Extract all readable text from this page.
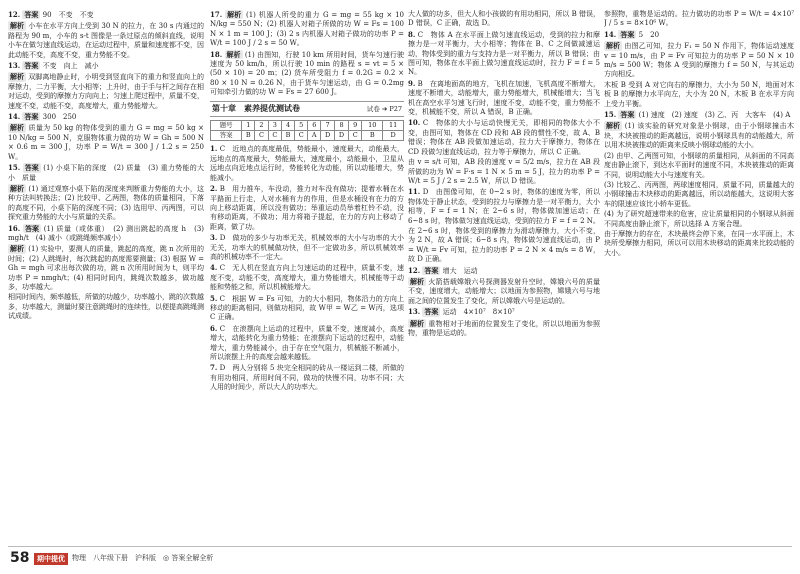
12. 答案 90　不变　不变

解析 小车在水平方向上受到 30 N 的拉力，在 30 s 内通过的路程为 90 m，小车的 s-t 图像是一条过原点的倾斜直线，说明小车在做匀速直线运动，在运动过程中，质量和速度都不变，因此动能不变，高度不变，重力势能不变。

13. 答案 不变　向上　减小

解析 双脚离地静止时，小明受到竖直向下的重力和竖直向上的摩擦力，二力平衡，大小相等；上升时，由于手与杆之间存在相对运动，受到的摩擦力方向向上；匀速上爬过程中，质量不变，速度不变，动能不变，高度增大，重力势能增大。

14. 答案 300　250

解析 质量为 50 kg 的物体受到的重力 G = mg = 50 kg × 10 N/kg = 500 N，克服物体重力做的功 W = Gh = 500 N × 0.6 m = 300 J，功率 P = W/t = 300 J / 1.2 s = 250 W。

15. 答案 (1) 小桌下陷的深度　(2) 质量　(3) 重力势能的大小　质量

解析 (1) 通过观察小桌下陷的深度来判断重力势能的大小，这种方法叫转换法；(2) 比较甲、乙两图，物体的质量相同，下落的高度不同，小桌下陷的深度不同；(3) 选用甲、丙两图，可以探究重力势能的大小与质量的关系。

16. 答案 (1) 质量（或体重）　(2) 测出跳起的高度 h　(3) mgh/t　(4) 减小（或跳绳频率减小）

解析 (1) 实验中，要测人的质量，跳起的高度，跳 n 次所用的时间；(2) 人跳绳时，每次跳起的高度需要测量；(3) 根据 W = Gh = mgh 可求出每次做的功，跳 n 次所用时间为 t，则平均功率 P = nmgh/t；(4) 相同时间内，跳绳次数越多，做功越多，功率越大。

相同时间内，频率越低，所做的功越少，功率越小，跳的次数越多，功率越大，测量时要注意跳绳时的连续性，以便提高跳绳测试成绩。

17. 解析 (1) 机器人所受的重力 G = mg = 55 kg × 10 N/kg = 550 N；(2) 机器人对箱子所做的功 W = Fs = 100 N × 1 m = 100 J；(3) 2 s 内机器人对箱子做功的功率 P = W/t = 100 J / 2 s = 50 W。

18. 解析 (1) 由图知，行驶 10 km 所用时间，货车匀速行驶速度为 50 km/h，所以行驶 10 min 的路程 s = vt = 5 × (50 × 10) = 20 m；(2) 货车所受阻力 f = 0.2G = 0.2 × 80 × 10 N = 0.26 N，由于货车匀速运动，由 G = 0.2mg 可知牵引力做的功 W = Fs = 27 600 J。

第十章　素养提优测试卷	试卷 ➔ P27
题号	1	2	3	4	5	6	7	8	9	10	11
答案	B	C	C	B	C	A	D	D	C	B	D

1. C　近地点的高度最低，势能最小，速度最大，动能最大，远地点的高度最大，势能最大，速度最小，动能最小，卫星从远地点向近地点运行时，势能转化为动能，所以动能增大，势能减小。

2. B　用力推车，车没动，推力对车没有做功；提着水桶在水平路面上行走，人对水桶有力的作用，但是水桶没有在力的方向上移动距离，所以没有做功；举重运动员举着杠铃不动，没有移动距离，不做功；用力将箱子提起，在力的方向上移动了距离，做了功。

3. D　做功的多少与功率无关，机械效率的大小与功率的大小无关，功率大的机械做功快，但不一定做功多，所以机械效率高的机械功率不一定大。

4. C　无人机在竖直方向上匀速运动的过程中，质量不变，速度不变，动能不变，高度增大，重力势能增大，机械能等于动能和势能之和，所以机械能增大。

5. C　根据 W = Fs 可知，力的大小相同，物体沿力的方向上移动的距离相同，则做功相同，故 W甲 = W乙 = W丙，选项 C 正确。

6. C　在滚摆向上运动的过程中，质量不变，速度减小，高度增大，动能转化为重力势能；在滚摆向下运动的过程中，动能增大，重力势能减小，由于存在空气阻力，机械能不断减小，所以滚摆上升的高度会越来越低。

7. D　两人分别将 5 块完全相同的砖从一楼运到二楼，所做的有用功相同，所用时间不同，做功的快慢不同，功率不同；大人用的时间少，所以大人的功率大。

大人做的功多，但大人和小孩做的有用功相同，所以 B 错误，D 错误，C 正确，故选 D。

8. C　物体 A 在水平面上做匀速直线运动，受到的拉力和摩擦力是一对平衡力，大小相等；物体在 B、C 之间做减速运动，物体受到的重力与支持力是一对平衡力，所以 B 错误；由图可知，物体在水平面上做匀速直线运动时，拉力 F = f = 5 N。

9. B　在离地面高的地方，飞机在加速，飞机高度不断增大，速度不断增大，动能增大，重力势能增大，机械能增大；当飞机在高空水平匀速飞行时，速度不变，动能不变，重力势能不变，机械能不变，所以 A 错误，B 正确。

10. C　物体的大小与运动快慢无关，即相同的物体大小不变，由图可知，物体在 CD 段和 AB 段的惯性不变，故 A、B 错误；物体在 AB 段做加速运动，拉力大于摩擦力，物体在 CD 段做匀速直线运动，拉力等于摩擦力，所以 C 正确。

由 v = s/t 可知，AB 段的速度 v = 5/2 m/s，拉力在 AB 段所做的功为 W = F·s = 1 N × 5 m = 5 J，拉力的功率 P = W/t = 5 J / 2 s = 2.5 W，所以 D 错误。

11. D　由图像可知，在 0~2 s 时，物体的速度为零，所以物体处于静止状态，受到的拉力与摩擦力是一对平衡力，大小相等，F = f = 1 N；在 2~6 s 时，物体做加速运动；在 6~8 s 时，物体做匀速直线运动，受到的拉力 F = f = 2 N。

在 2~6 s 时，物体受到的摩擦力为滑动摩擦力，大小不变，为 2 N，故 A 错误；6~8 s 内，物体做匀速直线运动，由 P = W/t = Fv 可知，拉力的功率 P = 2 N × 4 m/s = 8 W，故 D 正确。

12. 答案 增大　运动

解析 火箭搭载嫦娥六号探测器发射升空时，嫦娥六号的质量不变，速度增大，动能增大；以地面为参照物，嫦娥六号与地面之间的位置发生了变化，所以嫦娥六号是运动的。

13. 答案 运动　4×10⁷　8×10⁷

解析 重物相对于地面的位置发生了变化，所以以地面为参照物，重物是运动的。

参照物，重物是运动的。拉力做功的功率 P = W/t = 4×10⁷ J / 5 s = 8×10⁶ W。

14. 答案 5　20

解析 由图乙可知，拉力 F₁ = 50 N 作用下，物体运动速度 v = 10 m/s，由 P = Fv 可知拉力的功率 P = 50 N × 10 m/s = 500 W；物体 A 受到的摩擦力 f = 50 N，与其运动方向相反。

木板 B 受到 A 对它向右的摩擦力，大小为 50 N，地面对木板 B 的摩擦力水平向左，大小为 20 N，木板 B 在水平方向上受力平衡。

15. 答案 (1) 速度　(2) 速度　(3) 乙、丙　大客车　(4) A

解析 (1) 该实验的研究对象是小钢球，由于小钢球撞击木块，木块被推动的距离越远，说明小钢球具有的动能越大，所以用木块被推动的距离来反映小钢球动能的大小。

(2) 由甲、乙两图可知，小钢球的质量相同，从斜面的不同高度由静止滚下，到达水平面时的速度不同，木块被推动的距离不同，说明动能大小与速度有关。

(3) 比较乙、丙两图，两球速度相同，质量不同，质量越大的小钢球撞击木块移动的距离越远，所以动能越大，这说明大客车的限速应该比小轿车更低。

(4) 为了研究超速带来的危害，应让质量相同的小钢球从斜面不同高度由静止滚下，所以选择 A 方案合理。

由于摩擦力的存在，木块最终会停下来，在同一水平面上，木块所受摩擦力相同，所以可以用木块移动的距离来比较动能的大小。

58	期中提优	物理　八年级下册　沪科版　◎ 答案全解全析
